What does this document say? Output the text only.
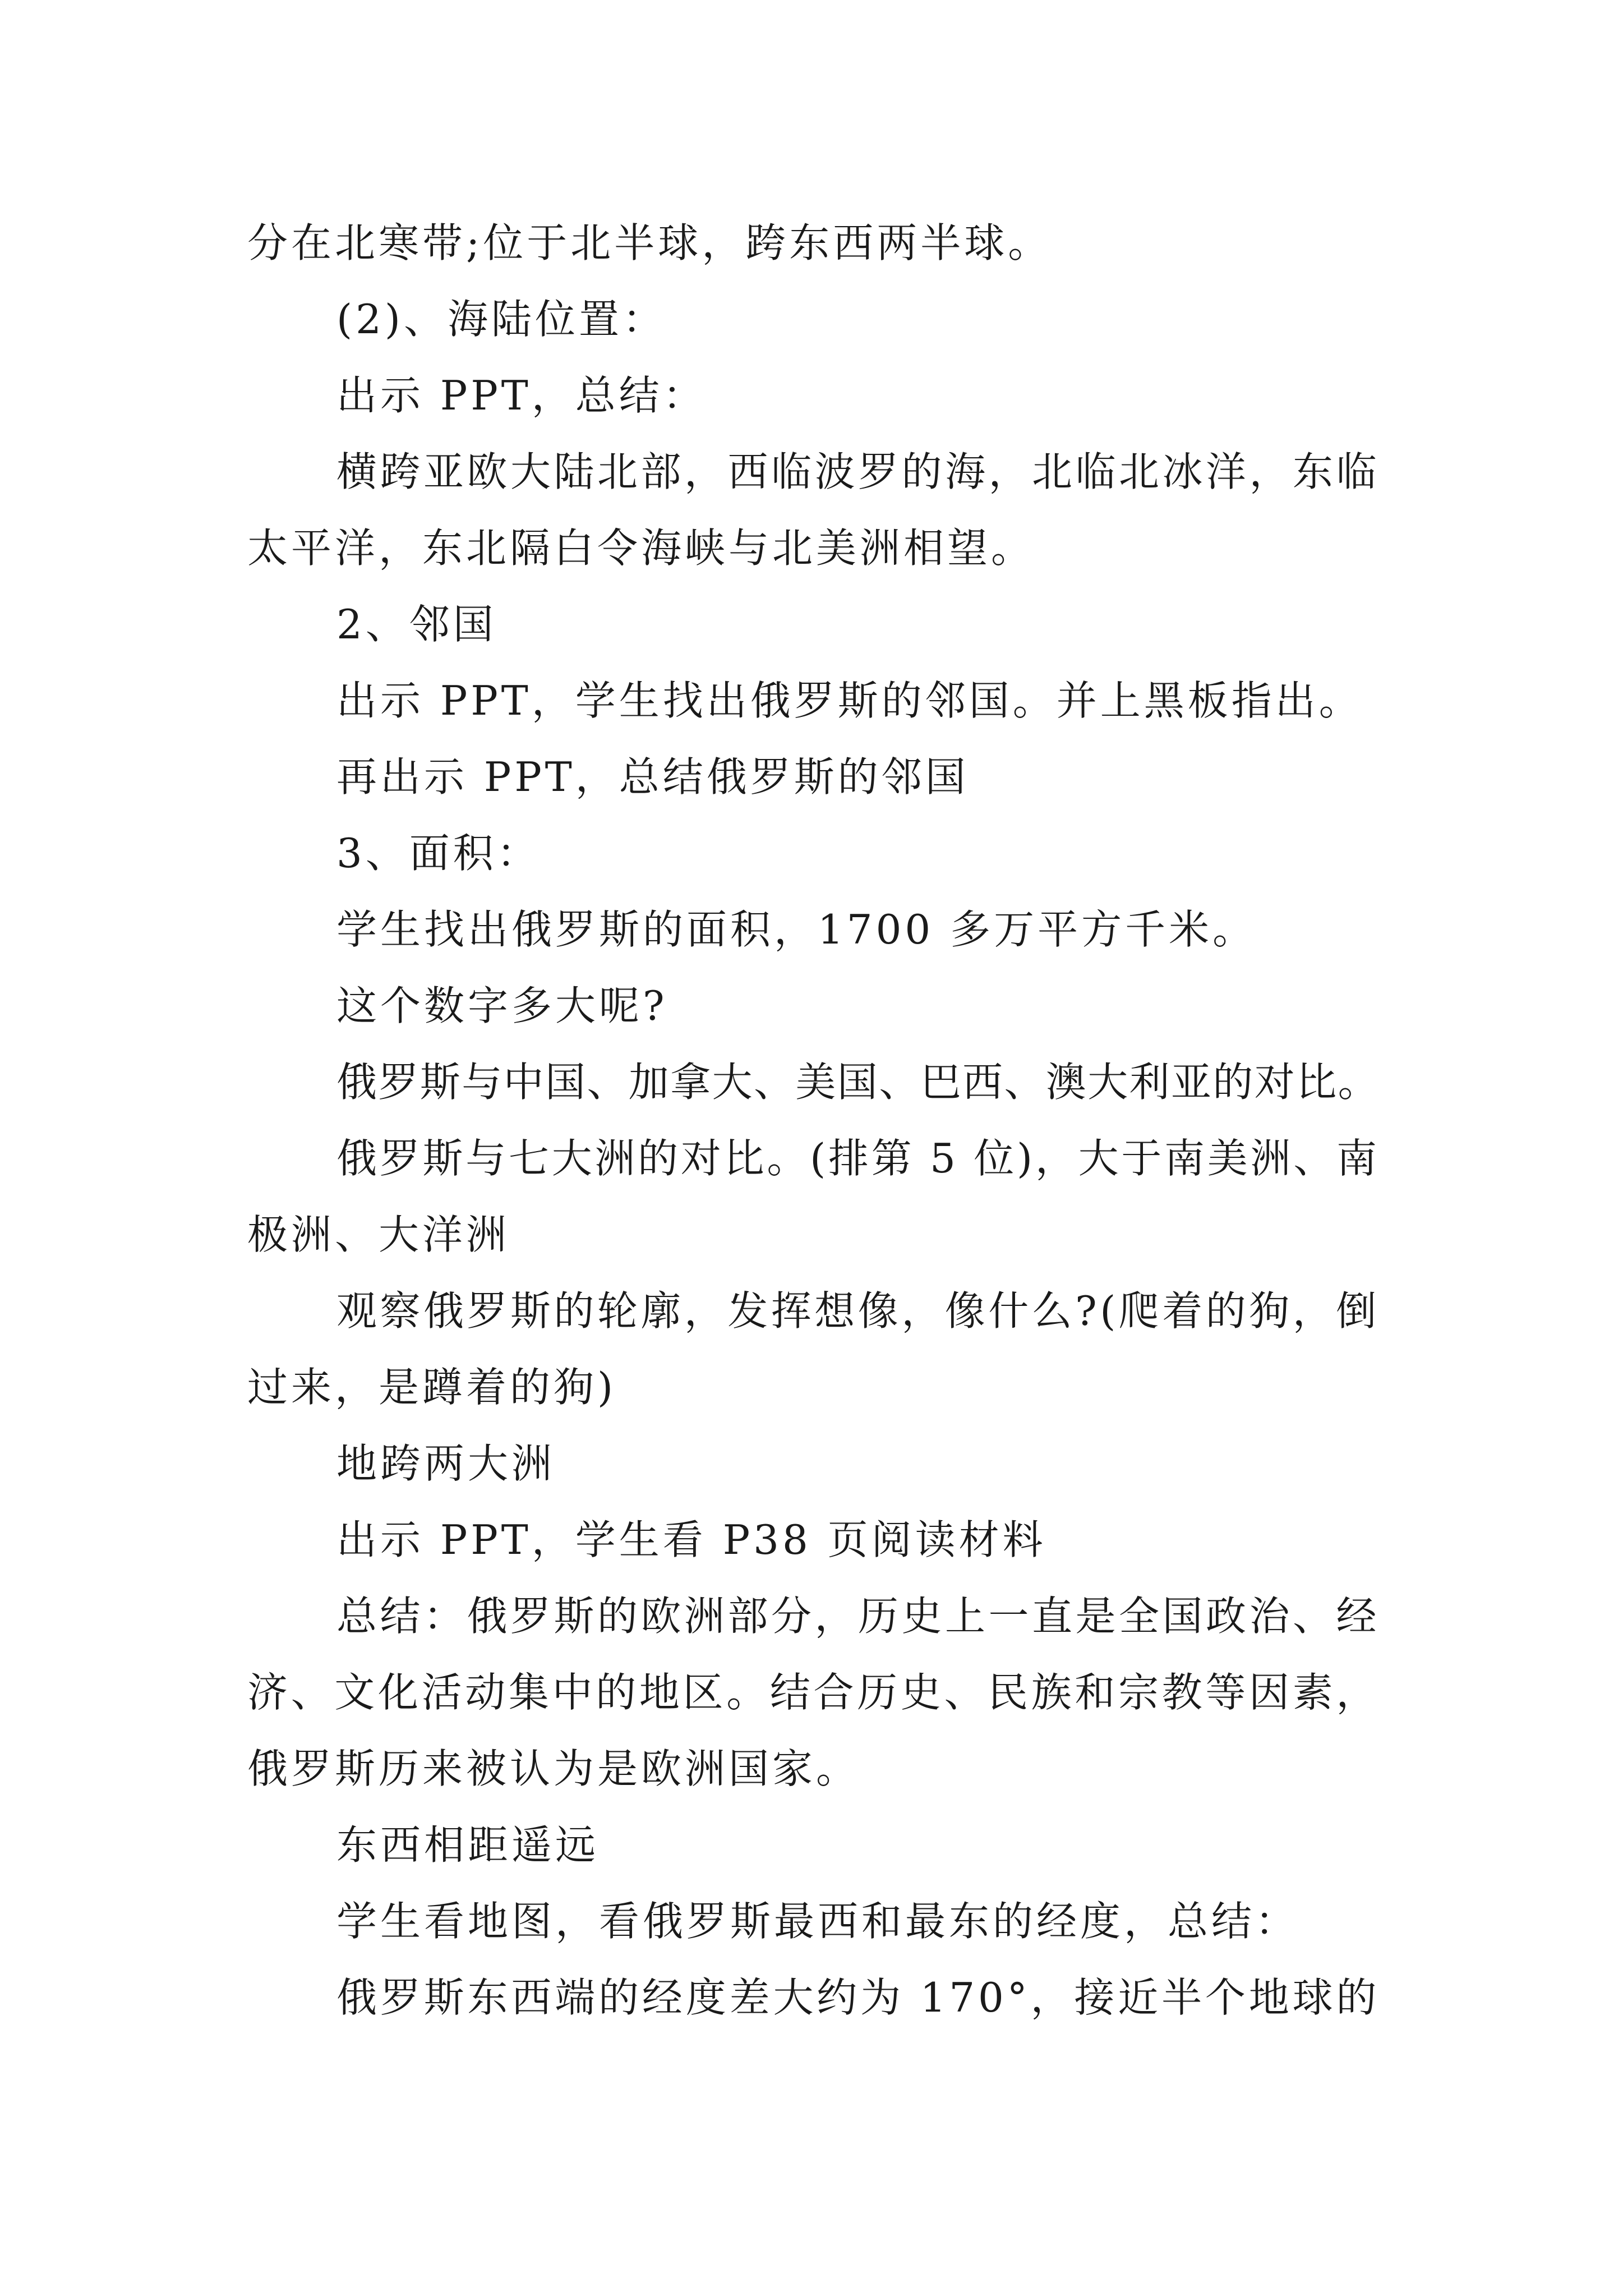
分在北寒带;位于北半球，跨东西两半球。
(2)、海陆位置：
出示 PPT，总结：
横跨亚欧大陆北部，西临波罗的海，北临北冰洋，东临
太平洋，东北隔白令海峡与北美洲相望。
2、邻国
出示 PPT，学生找出俄罗斯的邻国。并上黑板指出。
再出示 PPT，总结俄罗斯的邻国
3、面积：
学生找出俄罗斯的面积，1700 多万平方千米。
这个数字多大呢?
俄罗斯与中国、加拿大、美国、巴西、澳大利亚的对比。
俄罗斯与七大洲的对比。(排第 5 位)，大于南美洲、南
极洲、大洋洲
观察俄罗斯的轮廓，发挥想像，像什么?(爬着的狗，倒
过来，是蹲着的狗)
地跨两大洲
出示 PPT，学生看 P38 页阅读材料
总结：俄罗斯的欧洲部分，历史上一直是全国政治、经
济、文化活动集中的地区。结合历史、民族和宗教等因素，
俄罗斯历来被认为是欧洲国家。
东西相距遥远
学生看地图，看俄罗斯最西和最东的经度，总结：
俄罗斯东西端的经度差大约为 170°，接近半个地球的
